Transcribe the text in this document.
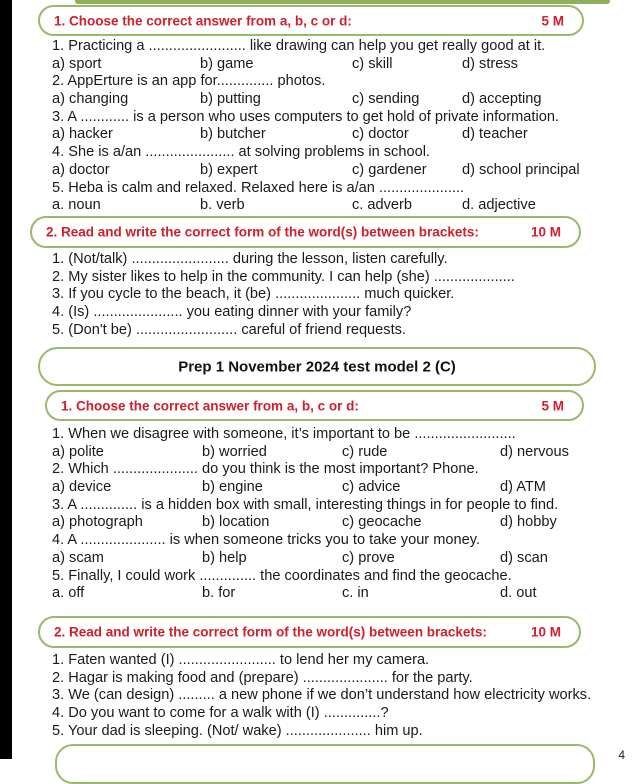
1. Choose the correct answer from a, b, c or d:	5 M
1. Practicing a ........................ like drawing can help you get really good at it.
a) sport	b) game	c) skill	d) stress
2. AppErture is an app for.............. photos.
a) changing	b) putting	c) sending	d) accepting
3. A ............ is a person who uses computers to get hold of private information.
a) hacker	b) butcher	c) doctor	d) teacher
4. She is a/an ...................... at solving problems in school.
a) doctor	b) expert	c) gardener d) school principal
5. Heba is calm and relaxed. Relaxed here is a/an .....................
a. noun	b. verb	c. adverb	d. adjective
2. Read and write the correct form of the word(s) between brackets:	10 M
1. (Not/talk) ........................ during the lesson, listen carefully.
2. My sister likes to help in the community. I can help (she) ....................
3. If you cycle to the beach, it (be) ..................... much quicker.
4. (Is) ...................... you eating dinner with your family?
5. (Don't be) ......................... careful of friend requests.
Prep 1 November 2024 test model 2 (C)
1. Choose the correct answer from a, b, c or d:	5 M
1. When we disagree with someone, it’s important to be .........................
a) polite	b) worried	c) rude	d) nervous
2. Which ..................... do you think is the most important? Phone.
a) device	b) engine	c) advice	d) ATM
3. A .............. is a hidden box with small, interesting things in for people to find.
a) photograph	b) location	c) geocache	d) hobby
4. A ..................... is when someone tricks you to take your money.
a) scam	b) help	c) prove	d) scan
5. Finally, I could work .............. the coordinates and find the geocache.
a. off	b. for	c. in	d. out
2. Read and write the correct form of the word(s) between brackets:	10 M
1. Faten wanted (I) ........................ to lend her my camera.
2. Hagar is making food and (prepare) ..................... for the party.
3. We (can design) ......... a new phone if we don’t understand how electricity works.
4. Do you want to come for a walk with (I) ..............?
5. Your dad is sleeping. (Not/ wake) ..................... him up.
4
